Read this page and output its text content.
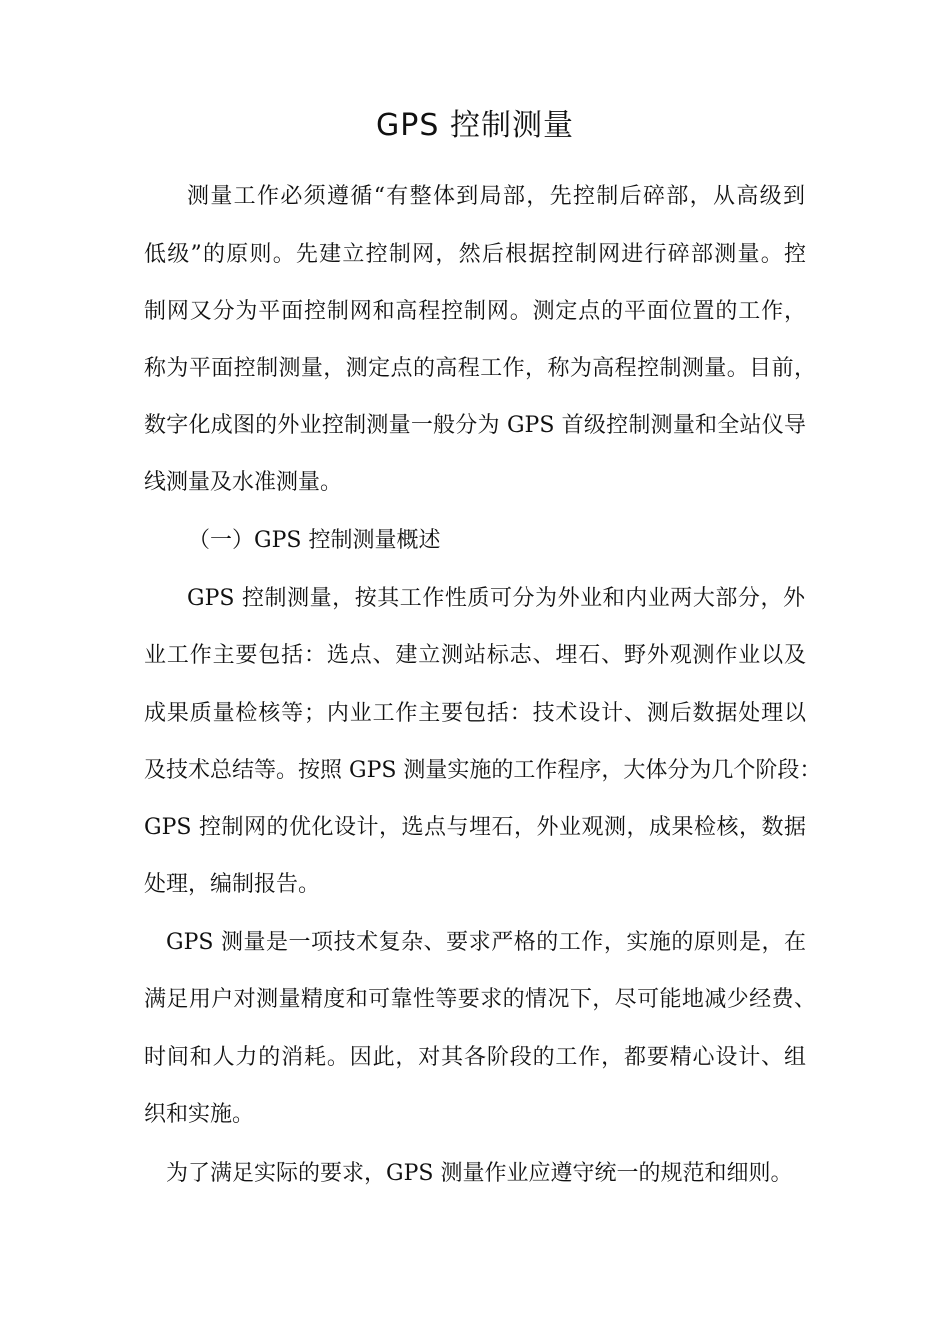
GPS 控制测量
测量工作必须遵循“有整体到局部，先控制后碎部，从高级到
低级”的原则。先建立控制网，然后根据控制网进行碎部测量。控
制网又分为平面控制网和高程控制网。测定点的平面位置的工作，
称为平面控制测量，测定点的高程工作，称为高程控制测量。目前，
数字化成图的外业控制测量一般分为 GPS 首级控制测量和全站仪导
线测量及水准测量。
（一）GPS 控制测量概述
GPS 控制测量，按其工作性质可分为外业和内业两大部分，外
业工作主要包括：选点、建立测站标志、埋石、野外观测作业以及
成果质量检核等；内业工作主要包括：技术设计、测后数据处理以
及技术总结等。按照 GPS 测量实施的工作程序，大体分为几个阶段：
GPS 控制网的优化设计，选点与埋石，外业观测，成果检核，数据
处理，编制报告。
GPS 测量是一项技术复杂、要求严格的工作，实施的原则是，在
满足用户对测量精度和可靠性等要求的情况下，尽可能地减少经费、
时间和人力的消耗。因此，对其各阶段的工作，都要精心设计、组
织和实施。
为了满足实际的要求，GPS 测量作业应遵守统一的规范和细则。
